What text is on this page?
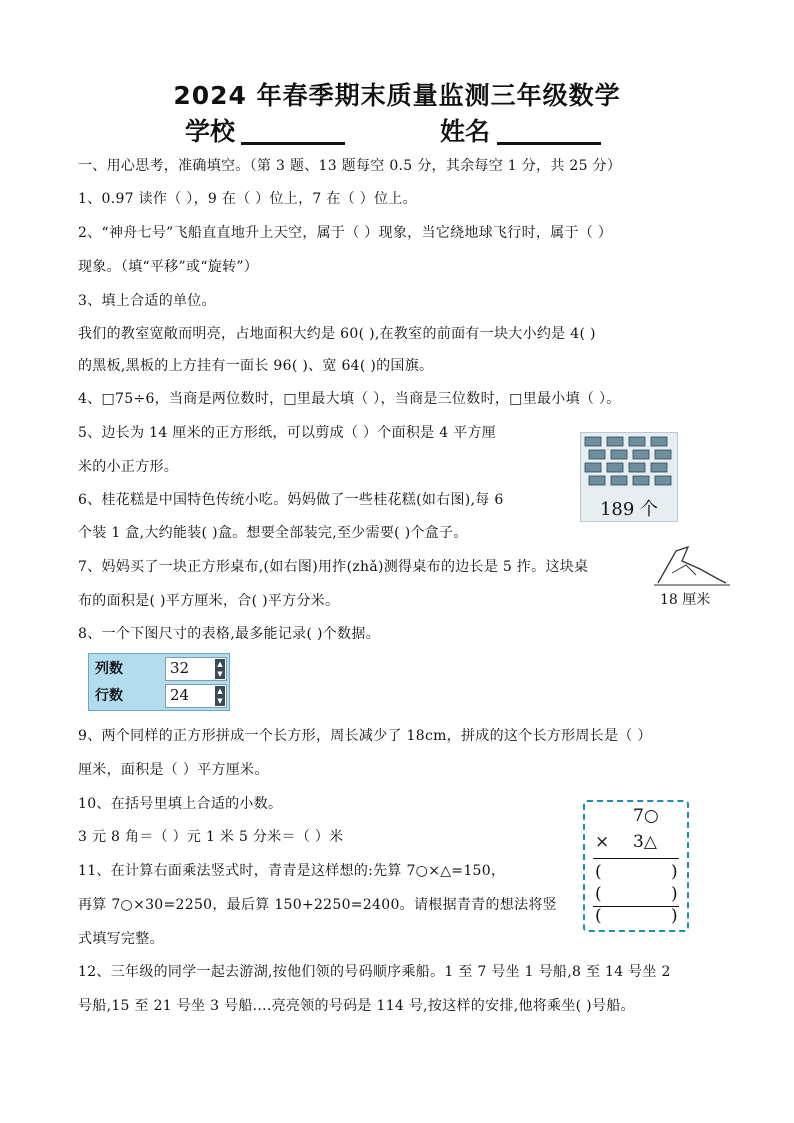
2024 年春季期末质量监测三年级数学
学校	姓名
一、用心思考，准确填空。（第 3 题、13 题每空 0.5 分，其余每空 1 分，共 25 分）
1、0.97 读作（ ），9 在（ ）位上，7 在（ ）位上。
2、“神舟七号”飞船直直地升上天空，属于（ ）现象，当它绕地球飞行时，属于（ ）
现象。（填“平移”或“旋转”）
3、填上合适的单位。
我们的教室宽敞而明亮，占地面积大约是 60( ),在教室的前面有一块大小约是 4( )
的黑板,黑板的上方挂有一面长 96( )、宽 64( )的国旗。
4、□75÷6，当商是两位数时，□里最大填（ ），当商是三位数时，□里最小填（ ）。
5、边长为 14 厘米的正方形纸，可以剪成（ ）个面积是 4 平方厘
米的小正方形。
6、桂花糕是中国特色传统小吃。妈妈做了一些桂花糕(如右图),每 6
个装 1 盒,大约能装( )盒。想要全部装完,至少需要( )个盒子。
7、妈妈买了一块正方形桌布,(如右图)用拃(zhǎ)测得桌布的边长是 5 拃。这块桌
布的面积是( )平方厘米，合( )平方分米。
8、一个下图尺寸的表格,最多能记录( )个数据。
9、两个同样的正方形拼成一个长方形，周长减少了 18cm，拼成的这个长方形周长是（ ）
厘米，面积是（ ）平方厘米。
10、在括号里填上合适的小数。
3 元 8 角＝（ ）元 1 米 5 分米＝（ ）米
11、在计算右面乘法竖式时，青青是这样想的:先算 7○×△=150，
再算 7○×30=2250，最后算 150+2250=2400。请根据青青的想法将竖
式填写完整。
12、三年级的同学一起去游湖,按他们领的号码顺序乘船。1 至 7 号坐 1 号船,8 至 14 号坐 2
号船,15 至 21 号坐 3 号船....亮亮领的号码是 114 号,按这样的安排,他将乘坐( )号船。
列数	32	▲
▼
行数	24	▲
▼
189 个
18 厘米
7○
× 3△
(	)
(	)
(	)
